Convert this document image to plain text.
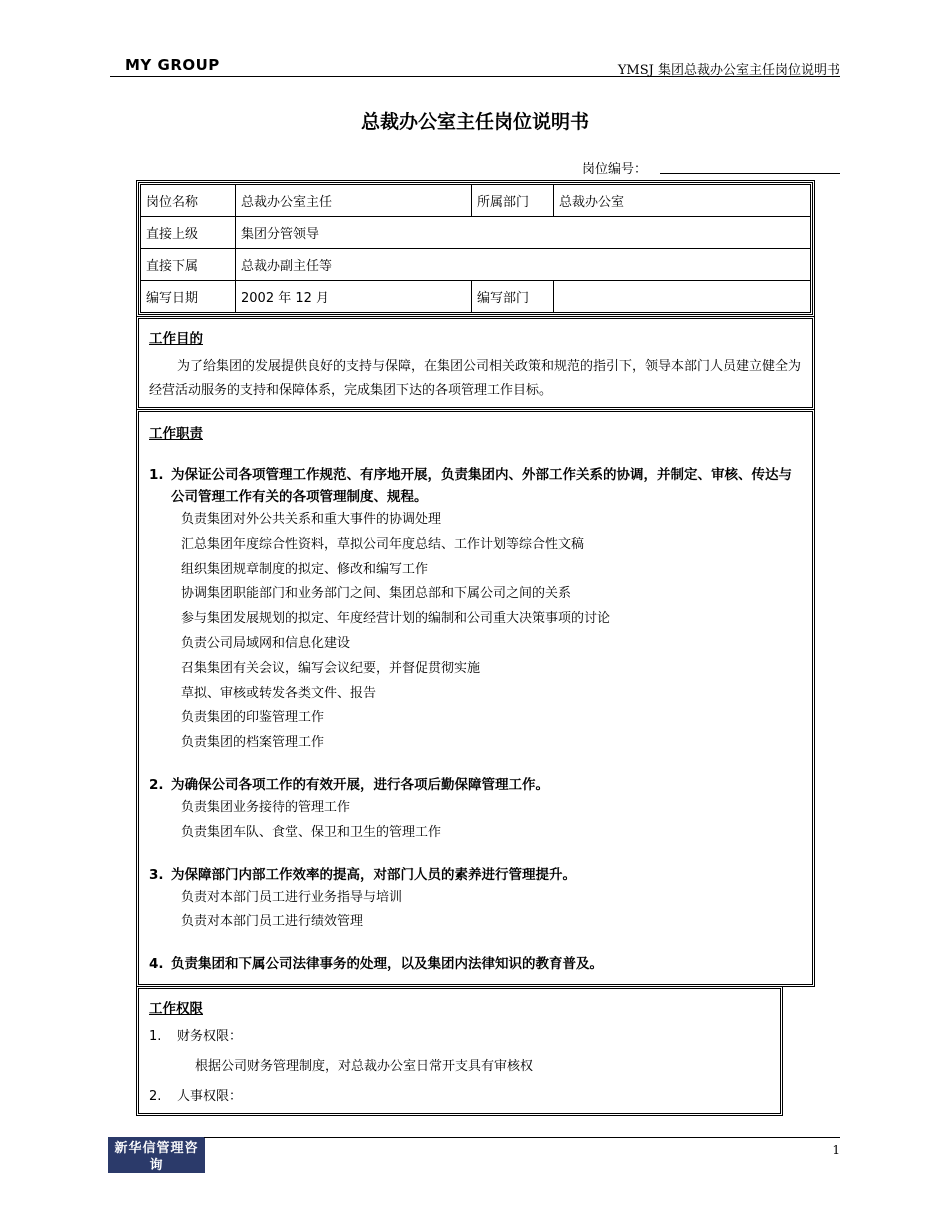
MY GROUP	YMSJ 集团总裁办公室主任岗位说明书
总裁办公室主任岗位说明书
岗位编号：
岗位名称	总裁办公室主任	所属部门	总裁办公室
直接上级	集团分管领导		
直接下属	总裁办副主任等		
编写日期	2002 年 12 月	编写部门	

工作目的

为了给集团的发展提供良好的支持与保障，在集团公司相关政策和规范的指引下，领导本部门人员建立健全为经营活动服务的支持和保障体系，完成集团下达的各项管理工作目标。

工作职责

1. 为保证公司各项管理工作规范、有序地开展，负责集团内、外部工作关系的协调，并制定、审核、传达与公司管理工作有关的各项管理制度、规程。
负责集团对外公共关系和重大事件的协调处理
汇总集团年度综合性资料，草拟公司年度总结、工作计划等综合性文稿
组织集团规章制度的拟定、修改和编写工作
协调集团职能部门和业务部门之间、集团总部和下属公司之间的关系
参与集团发展规划的拟定、年度经营计划的编制和公司重大决策事项的讨论
负责公司局域网和信息化建设
召集集团有关会议，编写会议纪要，并督促贯彻实施
草拟、审核或转发各类文件、报告
负责集团的印鉴管理工作
负责集团的档案管理工作
2. 为确保公司各项工作的有效开展，进行各项后勤保障管理工作。
负责集团业务接待的管理工作
负责集团车队、食堂、保卫和卫生的管理工作
3. 为保障部门内部工作效率的提高，对部门人员的素养进行管理提升。
负责对本部门员工进行业务指导与培训
负责对本部门员工进行绩效管理
4. 负责集团和下属公司法律事务的处理，以及集团内法律知识的教育普及。

工作权限

1. 财务权限：
根据公司财务管理制度，对总裁办公室日常开支具有审核权
2. 人事权限：
新华信管理咨询
SINOTRUST
1
